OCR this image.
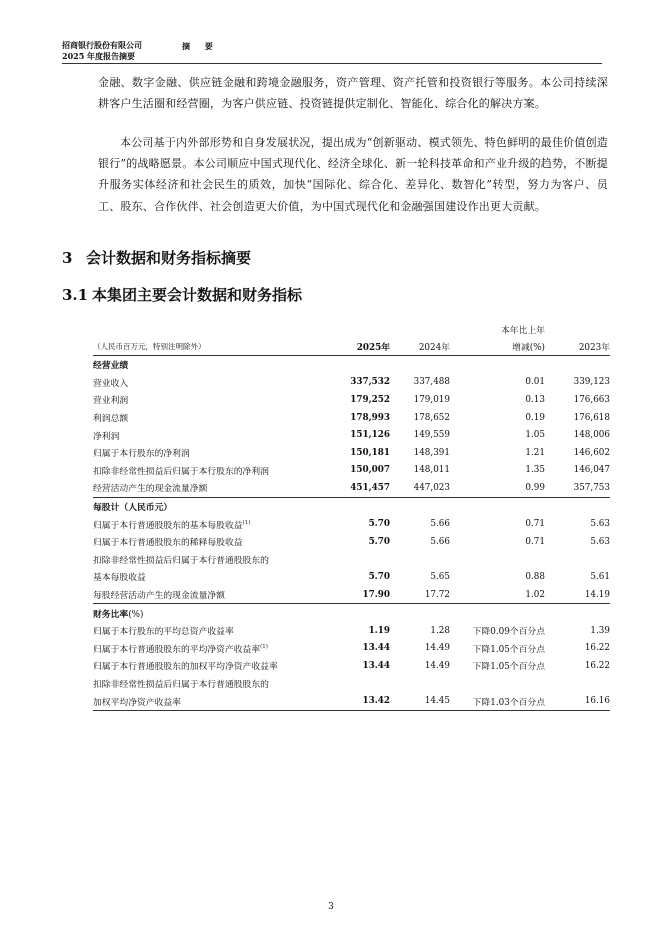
招商银行股份有限公司
2025 年度报告摘要
摘 要
金融、数字金融、供应链金融和跨境金融服务，资产管理、资产托管和投资银行等服务。本公司持续深耕客户生活圈和经营圈，为客户供应链、投资链提供定制化、智能化、综合化的解决方案。
本公司基于内外部形势和自身发展状况，提出成为“创新驱动、模式领先、特色鲜明的最佳价值创造银行”的战略愿景。本公司顺应中国式现代化、经济全球化、新一轮科技革命和产业升级的趋势，不断提升服务实体经济和社会民生的质效，加快“国际化、综合化、差异化、数智化”转型，努力为客户、员工、股东、合作伙伴、社会创造更大价值，为中国式现代化和金融强国建设作出更大贡献。
3 会计数据和财务指标摘要
3.1 本集团主要会计数据和财务指标
			本年比上年	
（人民币百万元，特别注明除外）	2025年	2024年	增减(%)	2023年
经营业绩				
营业收入	337,532	337,488	0.01	339,123
营业利润	179,252	179,019	0.13	176,663
利润总额	178,993	178,652	0.19	176,618
净利润	151,126	149,559	1.05	148,006
归属于本行股东的净利润	150,181	148,391	1.21	146,602
扣除非经常性损益后归属于本行股东的净利润	150,007	148,011	1.35	146,047
经营活动产生的现金流量净额	451,457	447,023	0.99	357,753
每股计（人民币元）				
归属于本行普通股股东的基本每股收益$^{(1)}$	5.70	5.66	0.71	5.63
归属于本行普通股股东的稀释每股收益	5.70	5.66	0.71	5.63
扣除非经常性损益后归属于本行普通股股东的				
基本每股收益	5.70	5.65	0.88	5.61
每股经营活动产生的现金流量净额	17.90	17.72	1.02	14.19
财务比率(%)				
归属于本行股东的平均总资产收益率	1.19	1.28	下降0.09个百分点	1.39
归属于本行普通股股东的平均净资产收益率$^{(1)}$	13.44	14.49	下降1.05个百分点	16.22
归属于本行普通股股东的加权平均净资产收益率	13.44	14.49	下降1.05个百分点	16.22
扣除非经常性损益后归属于本行普通股股东的				
加权平均净资产收益率	13.42	14.45	下降1.03个百分点	16.16
3
